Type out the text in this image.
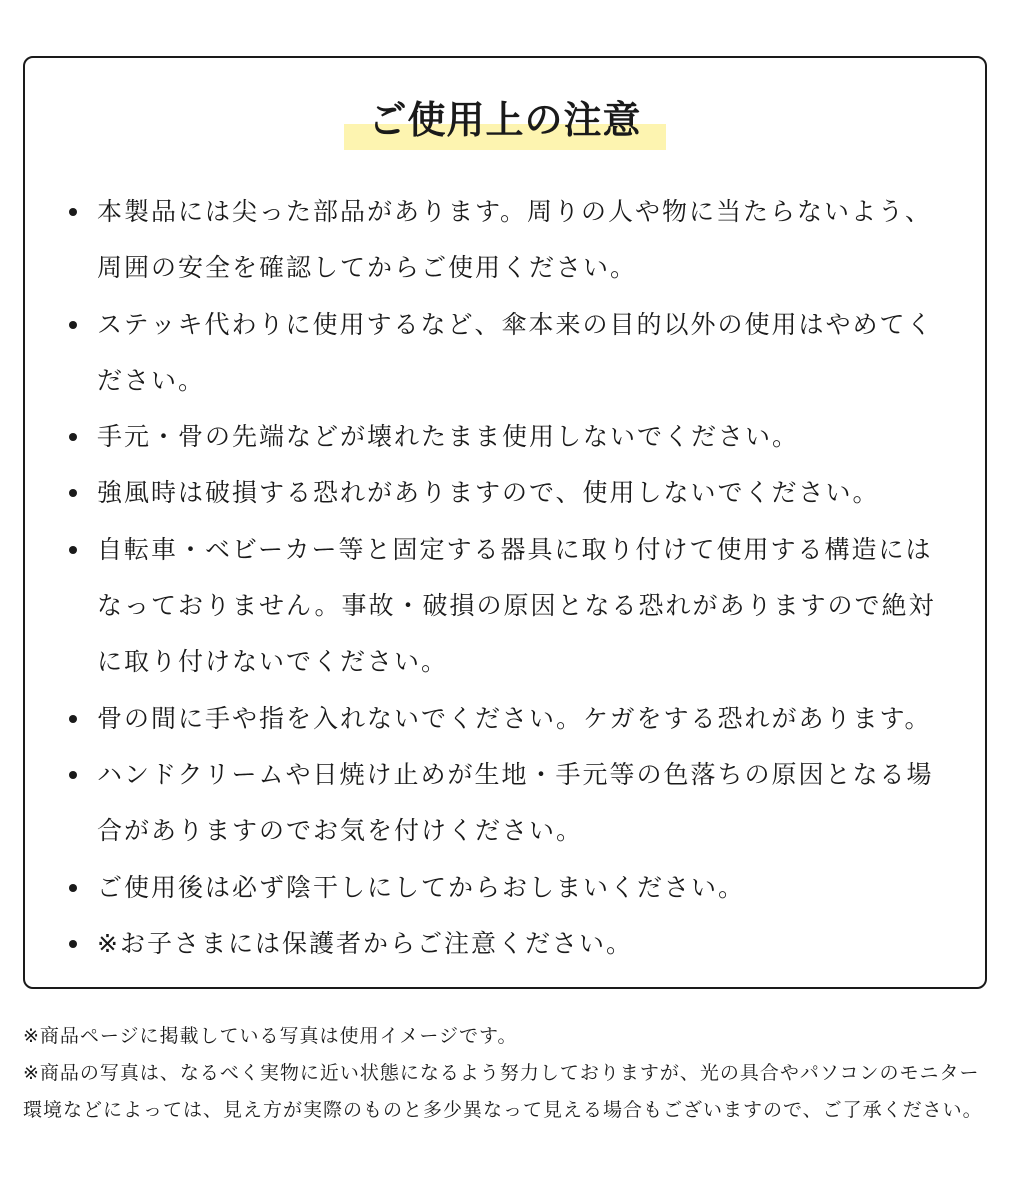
ご使用上の注意
本製品には尖った部品があります。周りの人や物に当たらないよう、周囲の安全を確認してからご使用ください。
ステッキ代わりに使用するなど、傘本来の目的以外の使用はやめてください。
手元・骨の先端などが壊れたまま使用しないでください。
強風時は破損する恐れがありますので、使用しないでください。
自転車・ベビーカー等と固定する器具に取り付けて使用する構造にはなっておりません。事故・破損の原因となる恐れがありますので絶対に取り付けないでください。
骨の間に手や指を入れないでください。ケガをする恐れがあります。
ハンドクリームや日焼け止めが生地・手元等の色落ちの原因となる場合がありますのでお気を付けください。
ご使用後は必ず陰干しにしてからおしまいください。
※お子さまには保護者からご注意ください。

※商品ページに掲載している写真は使用イメージです。

※商品の写真は、なるべく実物に近い状態になるよう努力しておりますが、光の具合やパソコンのモニター環境などによっては、見え方が実際のものと多少異なって見える場合もございますので、ご了承ください。
